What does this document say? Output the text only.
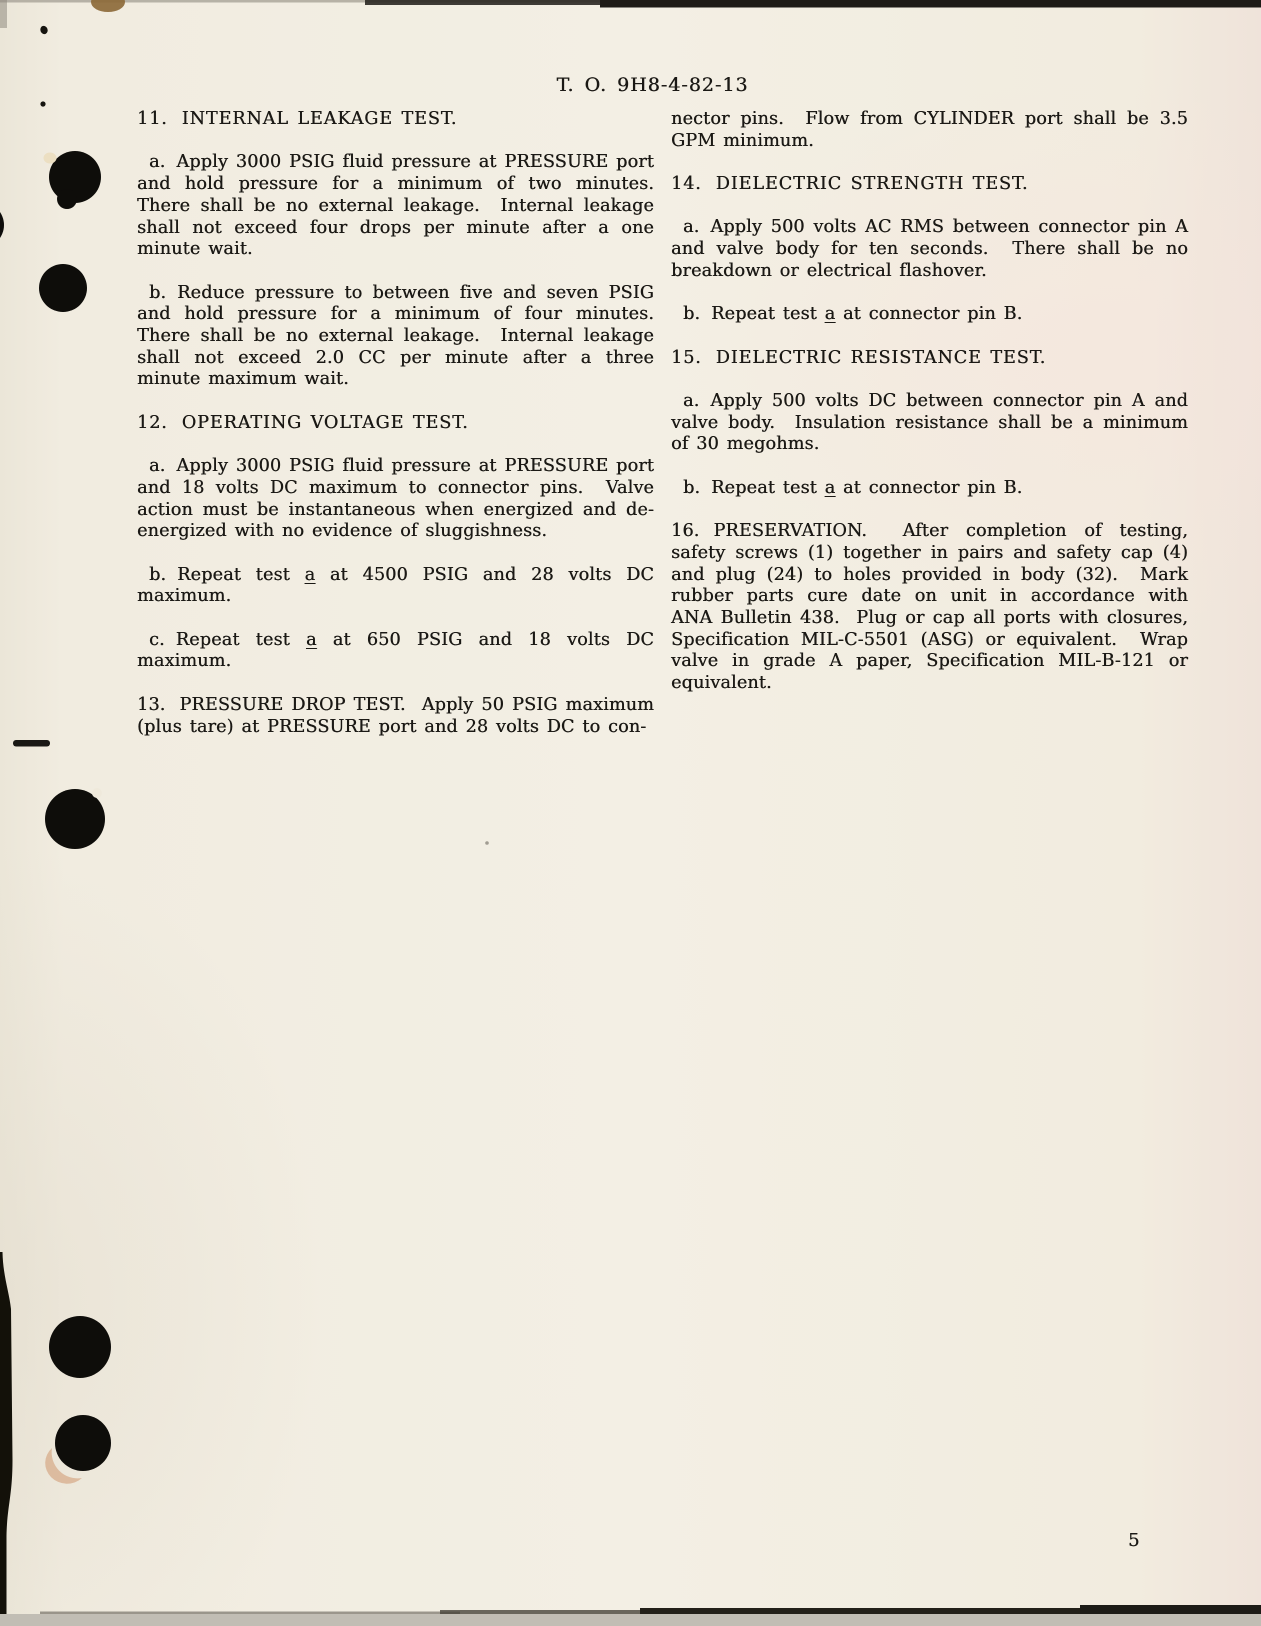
T. O. 9H8-4-82-13
11. INTERNAL LEAKAGE TEST.

a. Apply 3000 PSIG fluid pressure at PRESSURE port and hold pressure for a minimum of two minutes.  There shall be no external leakage.  Internal leakage shall not exceed four drops per minute after a one minute wait.

b. Reduce pressure to between five and seven PSIG and hold pressure for a minimum of four minutes.  There shall be no external leakage.  Internal leakage shall not exceed 2.0 CC per minute after a three minute maximum wait.

12. OPERATING VOLTAGE TEST.

a. Apply 3000 PSIG fluid pressure at PRESSURE port and 18 volts DC maximum to connector pins.  Valve action must be instantaneous when energized and de-energized with no evidence of sluggishness.

b. Repeat test a at 4500 PSIG and 28 volts DC maximum.

c. Repeat test a at 650 PSIG and 18 volts DC maximum.

13. PRESSURE DROP TEST.  Apply 50 PSIG maximum (plus tare) at PRESSURE port and 28 volts DC to con-

nector pins.  Flow from CYLINDER port shall be 3.5 GPM minimum.

14. DIELECTRIC STRENGTH TEST.

a. Apply 500 volts AC RMS between connector pin A and valve body for ten seconds.  There shall be no breakdown or electrical flashover.

b. Repeat test a at connector pin B.

15. DIELECTRIC RESISTANCE TEST.

a. Apply 500 volts DC between connector pin A and valve body.  Insulation resistance shall be a minimum of 30 megohms.

b. Repeat test a at connector pin B.

16. PRESERVATION.  After completion of testing, safety screws (1) together in pairs and safety cap (4) and plug (24) to holes provided in body (32).  Mark rubber parts cure date on unit in accordance with ANA Bulletin 438.  Plug or cap all ports with closures, Specification MIL-C-5501 (ASG) or equivalent.  Wrap valve in grade A paper, Specification MIL-B-121 or equivalent.

5
